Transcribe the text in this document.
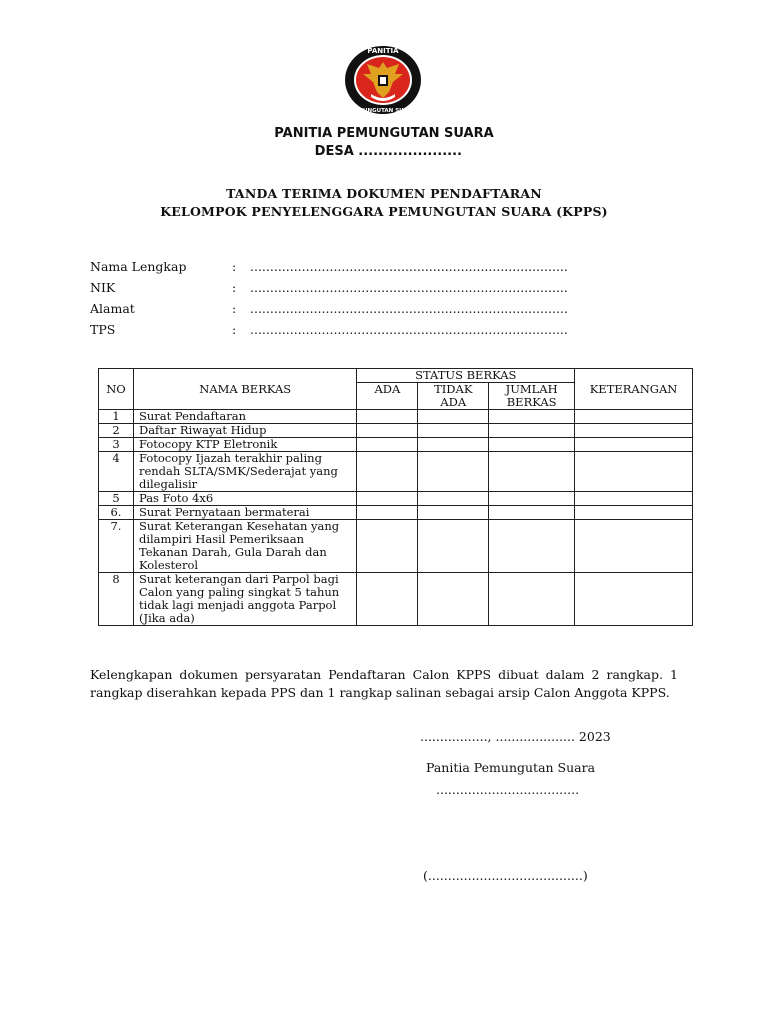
PANITIA
PEMUNGUTAN SUARA
PANITIA PEMUNGUTAN SUARA
DESA .....................
TANDA TERIMA DOKUMEN PENDAFTARAN
KELOMPOK PENYELENGGARA PEMUNGUTAN SUARA (KPPS)
Nama Lengkap	: ................................................................................
NIK	: ................................................................................
Alamat	: ................................................................................
TPS	: ................................................................................
NO	NAMA BERKAS	STATUS BERKAS			KETERANGAN
		ADA	TIDAK ADA	JUMLAH BERKAS	
1	Surat Pendaftaran				
2	Daftar Riwayat Hidup				
3	Fotocopy KTP Eletronik				
4	Fotocopy Ijazah terakhir paling rendah SLTA/SMK/Sederajat yang dilegalisir				
5	Pas Foto 4x6				
6.	Surat Pernyataan bermaterai				
7.	Surat Keterangan Kesehatan yang dilampiri Hasil Pemeriksaan Tekanan Darah, Gula Darah dan Kolesterol				
8	Surat keterangan dari Parpol bagi Calon yang paling singkat 5 tahun tidak lagi menjadi anggota Parpol (Jika ada)				
Kelengkapan dokumen persyaratan Pendaftaran Calon KPPS dibuat dalam 2 rangkap. 1 rangkap diserahkan kepada PPS dan 1 rangkap salinan sebagai arsip Calon Anggota KPPS.
................., .................... 2023
Panitia Pemungutan Suara
....................................
(.......................................)
